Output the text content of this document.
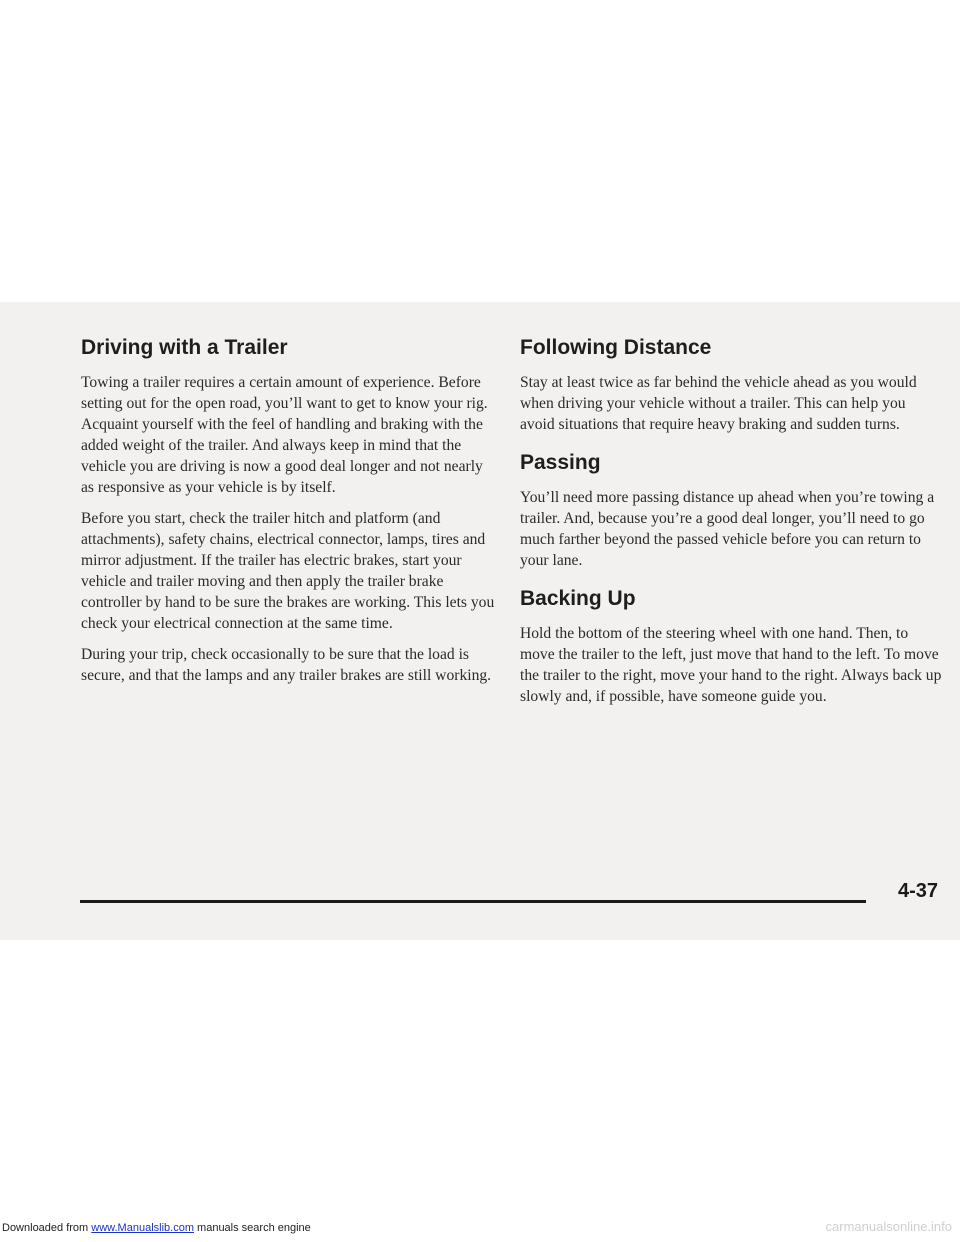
Driving with a Trailer

Towing a trailer requires a certain amount of experience. Before setting out for the open road, you’ll want to get to know your rig. Acquaint yourself with the feel of handling and braking with the added weight of the trailer. And always keep in mind that the vehicle you are driving is now a good deal longer and not nearly as responsive as your vehicle is by itself.

Before you start, check the trailer hitch and platform (and attachments), safety chains, electrical connector, lamps, tires and mirror adjustment. If the trailer has electric brakes, start your vehicle and trailer moving and then apply the trailer brake controller by hand to be sure the brakes are working. This lets you check your electrical connection at the same time.

During your trip, check occasionally to be sure that the load is secure, and that the lamps and any trailer brakes are still working.

Following Distance

Stay at least twice as far behind the vehicle ahead as you would when driving your vehicle without a trailer. This can help you avoid situations that require heavy braking and sudden turns.

Passing

You’ll need more passing distance up ahead when you’re towing a trailer. And, because you’re a good deal longer, you’ll need to go much farther beyond the passed vehicle before you can return to your lane.

Backing Up

Hold the bottom of the steering wheel with one hand. Then, to move the trailer to the left, just move that hand to the left. To move the trailer to the right, move your hand to the right. Always back up slowly and, if possible, have someone guide you.

4-37
Downloaded from www.Manualslib.com manuals search engine	carmanualsonline.info
